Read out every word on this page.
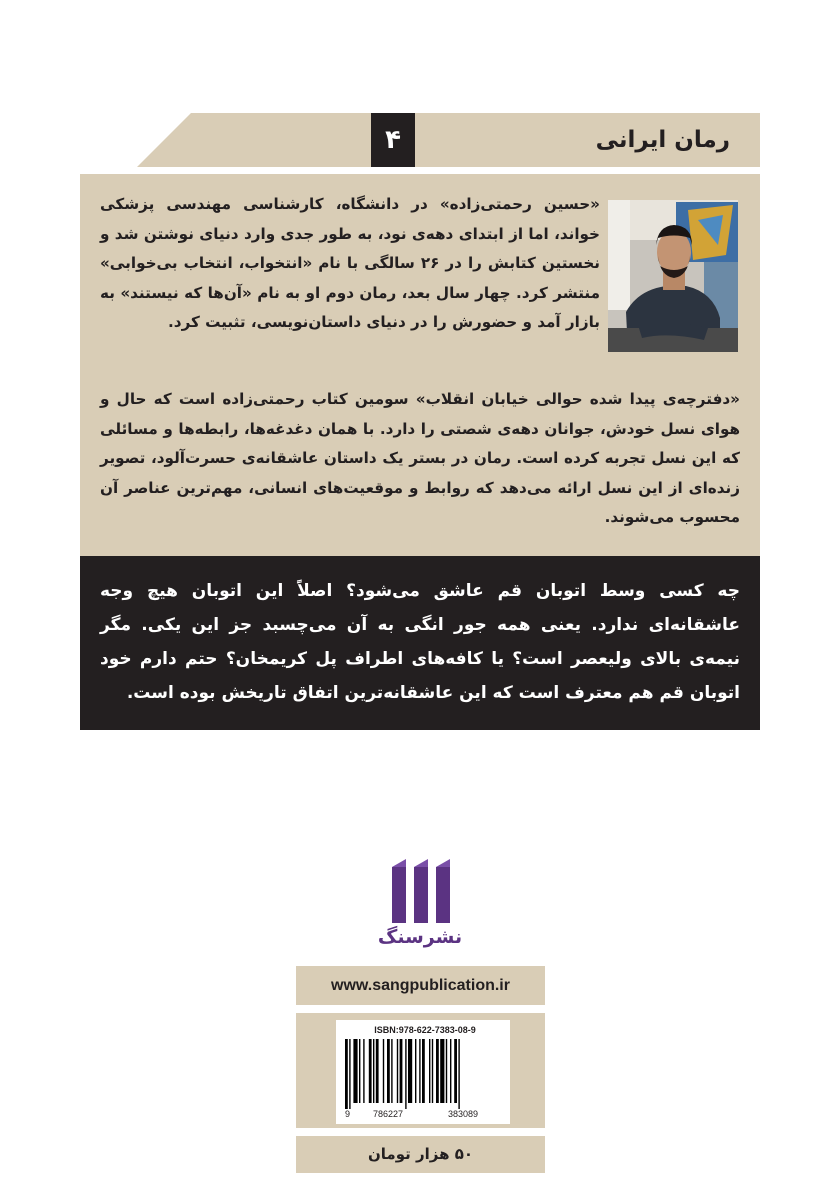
۴	رمان ایرانی
«حسین رحمتی‌زاده» در دانشگاه، کارشناسی مهندسی پزشکی خواند، اما از ابتدای دهه‌ی نود، به طور جدی وارد دنیای نوشتن شد و نخستین کتابش را در ۲۶ سالگی با نام «انتخواب، انتخاب بی‌خوابی» منتشر کرد. چهار سال بعد، رمان دوم او به نام «آن‌ها که نیستند» به بازار آمد و حضورش را در دنیای داستان‌نویسی، تثبیت کرد.
«دفترچه‌ی پیدا شده حوالی خیابان انقلاب» سومین کتاب رحمتی‌زاده است که حال و هوای نسل خودش، جوانان دهه‌ی شصتی را دارد. با همان دغدغه‌ها، رابطه‌ها و مسائلی که این نسل تجربه کرده است. رمان در بستر یک داستان عاشقانه‌ی حسرت‌آلود، تصویر زنده‌ای از این نسل ارائه می‌دهد که روابط و موقعیت‌های انسانی، مهم‌ترین عناصر آن محسوب می‌شوند.
چه کسی وسط اتوبان قم عاشق می‌شود؟ اصلاً این اتوبان هیچ وجه عاشقانه‌ای ندارد. یعنی همه جور انگی به آن می‌چسبد جز این یکی. مگر نیمه‌ی بالای ولیعصر است؟ یا کافه‌های اطراف پل کریمخان؟ حتم دارم خود اتوبان قم هم معترف است که این عاشقانه‌ترین اتفاق تاریخش بوده است.
نشرسنگ
www.sangpublication.ir
ISBN:978-622-7383-08-9
9	786227	383089
۵۰ هزار تومان
